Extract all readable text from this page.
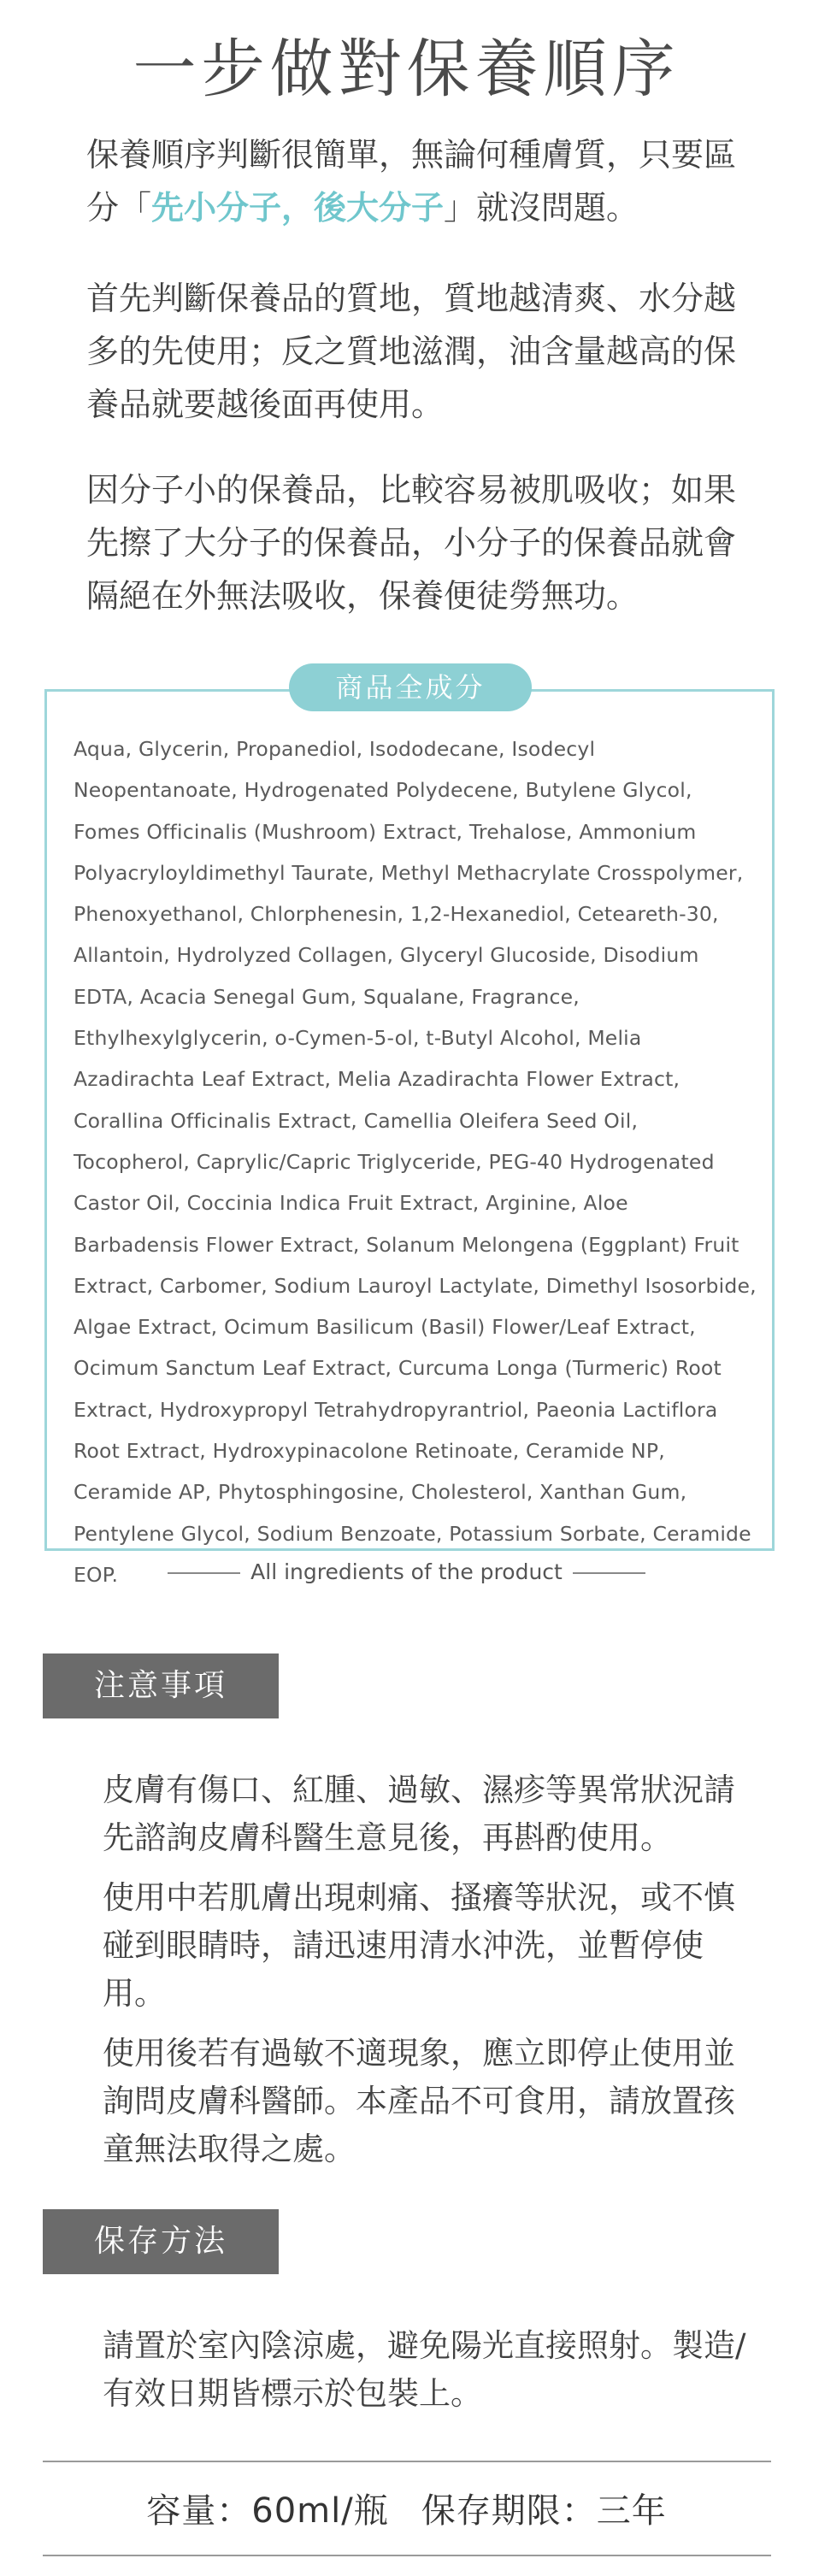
一步做對保養順序

保養順序判斷很簡單，無論何種膚質，只要區分「先小分子，後大分子」就沒問題。

首先判斷保養品的質地，質地越清爽、水分越多的先使用；反之質地滋潤，油含量越高的保養品就要越後面再使用。

因分子小的保養品，比較容易被肌吸收；如果先擦了大分子的保養品，小分子的保養品就會隔絕在外無法吸收，保養便徒勞無功。

商品全成分

Aqua, Glycerin, Propanediol, Isododecane, Isodecyl Neopentanoate, Hydrogenated Polydecene, Butylene Glycol, Fomes Officinalis (Mushroom) Extract, Trehalose, Ammonium Polyacryloyldimethyl Taurate, Methyl Methacrylate Crosspolymer, Phenoxyethanol, Chlorphenesin, 1,2-Hexanediol, Ceteareth-30, Allantoin, Hydrolyzed Collagen, Glyceryl Glucoside, Disodium EDTA, Acacia Senegal Gum, Squalane, Fragrance, Ethylhexylglycerin, o-Cymen-5-ol, t-Butyl Alcohol, Melia Azadirachta Leaf Extract, Melia Azadirachta Flower Extract, Corallina Officinalis Extract, Camellia Oleifera Seed Oil, Tocopherol, Caprylic/Capric Triglyceride, PEG-40 Hydrogenated Castor Oil, Coccinia Indica Fruit Extract, Arginine, Aloe Barbadensis Flower Extract, Solanum Melongena (Eggplant) Fruit Extract, Carbomer, Sodium Lauroyl Lactylate, Dimethyl Isosorbide, Algae Extract, Ocimum Basilicum (Basil) Flower/Leaf Extract, Ocimum Sanctum Leaf Extract, Curcuma Longa (Turmeric) Root Extract, Hydroxypropyl Tetrahydropyrantriol, Paeonia Lactiflora Root Extract, Hydroxypinacolone Retinoate, Ceramide NP, Ceramide AP, Phytosphingosine, Cholesterol, Xanthan Gum, Pentylene Glycol, Sodium Benzoate, Potassium Sorbate, Ceramide EOP.	All ingredients of the product
注意事項

皮膚有傷口、紅腫、過敏、濕疹等異常狀況請先諮詢皮膚科醫生意見後，再斟酌使用。

使用中若肌膚出現刺痛、搔癢等狀況，或不慎碰到眼睛時，請迅速用清水沖洗，並暫停使用。

使用後若有過敏不適現象，應立即停止使用並詢問皮膚科醫師。本產品不可食用，請放置孩童無法取得之處。

保存方法

請置於室內陰涼處，避免陽光直接照射。製造/有效日期皆標示於包裝上。

容量：60ml/瓶 保存期限：三年
